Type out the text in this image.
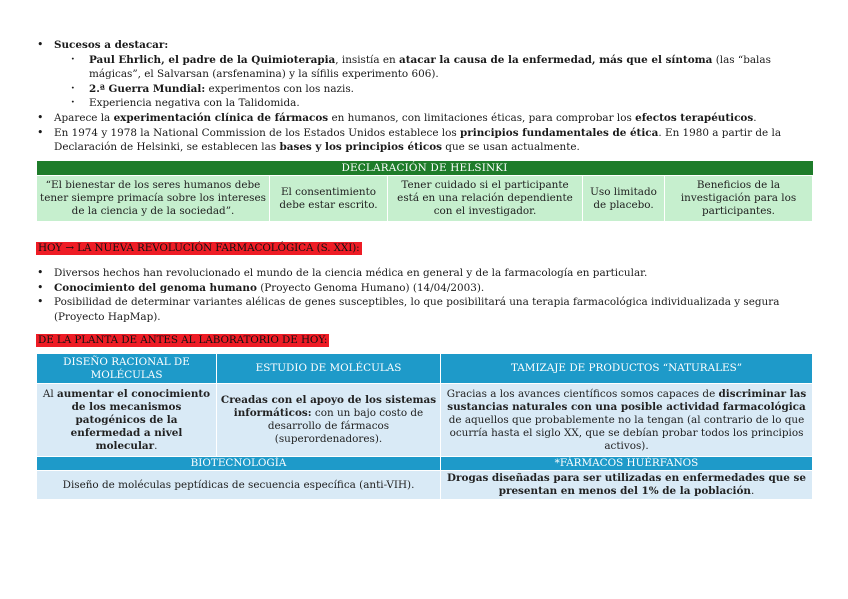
• Sucesos a destacar:
· Paul Ehrlich, el padre de la Quimioterapia, insistía en atacar la causa de la enfermedad, más que el síntoma (las “balas mágicas”, el Salvarsan (arsfenamina) y la sífilis experimento 606).
· 2.ª Guerra Mundial: experimentos con los nazis.
· Experiencia negativa con la Talidomida.
• Aparece la experimentación clínica de fármacos en humanos, con limitaciones éticas, para comprobar los efectos terapéuticos.
• En 1974 y 1978 la National Commission de los Estados Unidos establece los principios fundamentales de ética. En 1980 a partir de la Declaración de Helsinki, se establecen las bases y los principios éticos que se usan actualmente.
DECLARACIÓN DE HELSINKI
“El bienestar de los seres humanos debe tener siempre primacía sobre los intereses de la ciencia y de la sociedad”.	El consentimiento debe estar escrito.	Tener cuidado si el participante está en una relación dependiente con el investigador.	Uso limitado de placebo.	Beneficios de la investigación para los participantes.
HOY → LA NUEVA REVOLUCIÓN FARMACOLÓGICA (S. XXI):
• Diversos hechos han revolucionado el mundo de la ciencia médica en general y de la farmacología en particular.
• Conocimiento del genoma humano (Proyecto Genoma Humano) (14/04/2003).
• Posibilidad de determinar variantes alélicas de genes susceptibles, lo que posibilitará una terapia farmacológica individualizada y segura (Proyecto HapMap).
DE LA PLANTA DE ANTES AL LABORATORIO DE HOY:
DISEÑO RACIONAL DE MOLÉCULAS	ESTUDIO DE MOLÉCULAS	TAMIZAJE DE PRODUCTOS “NATURALES”
Al aumentar el conocimiento de los mecanismos patogénicos de la enfermedad a nivel molecular.	Creadas con el apoyo de los sistemas informáticos: con un bajo costo de desarrollo de fármacos (superordenadores).	Gracias a los avances científicos somos capaces de discriminar las sustancias naturales con una posible actividad farmacológica de aquellos que probablemente no la tengan (al contrario de lo que ocurría hasta el siglo XX, que se debían probar todos los principios activos).
BIOTECNOLOGÍA		*FÁRMACOS HUÉRFANOS
Diseño de moléculas peptídicas de secuencia específica (anti-VIH).		Drogas diseñadas para ser utilizadas en enfermedades que se presentan en menos del 1% de la población.
